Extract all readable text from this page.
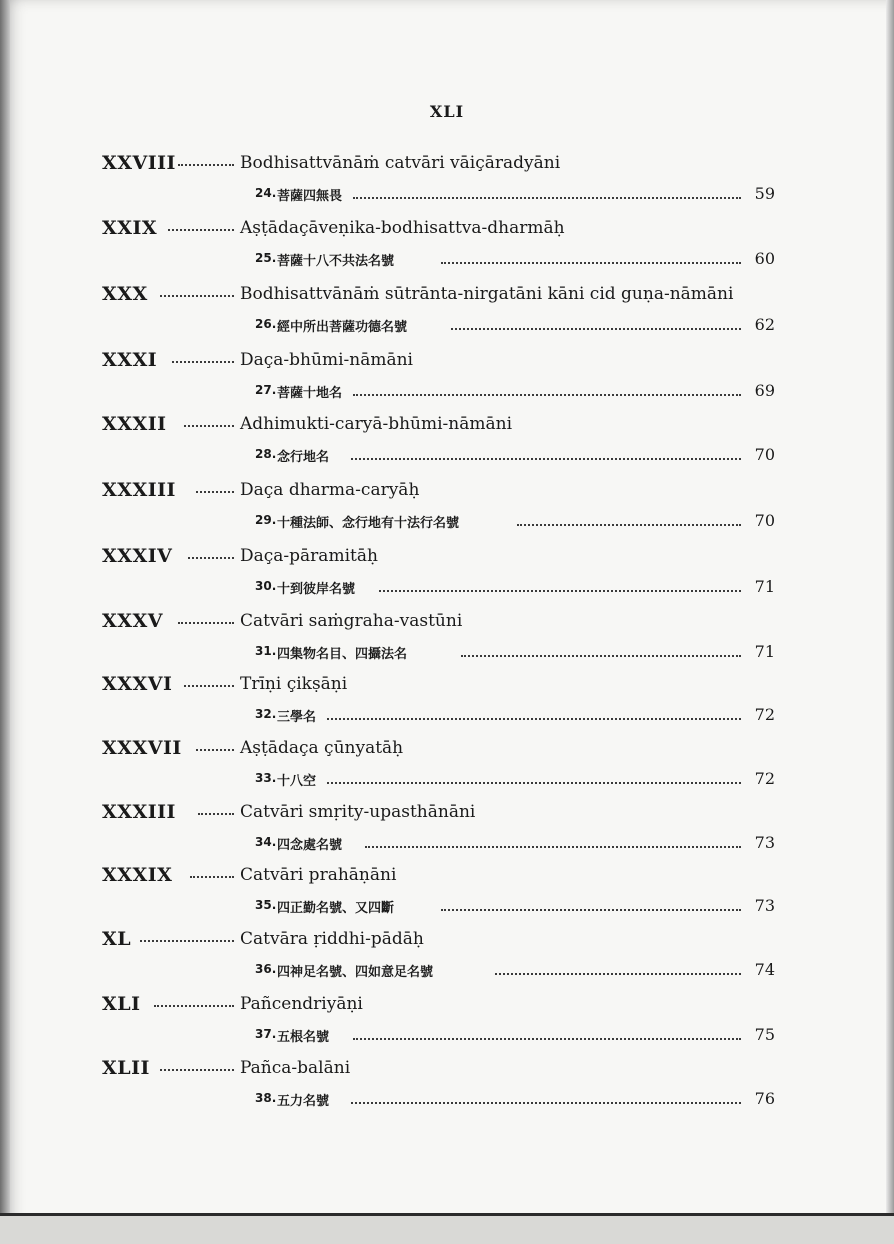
XLI
XXVIII	Bodhisattvānāṁ catvāri vāiçāradyāni
24. 菩薩四無畏	59
XXIX	Aṣṭādaçāveṇika-bodhisattva-dharmāḥ
25. 菩薩十八不共法名號	60
XXX	Bodhisattvānāṁ sūtrānta-nirgatāni kāni cid guṇa-nāmāni
26. 經中所出菩薩功德名號	62
XXXI	Daça-bhūmi-nāmāni
27. 菩薩十地名	69
XXXII	Adhimukti-caryā-bhūmi-nāmāni
28. 念行地名	70
XXXIII	Daça dharma-caryāḥ
29. 十種法師、念行地有十法行名號	70
XXXIV	Daça-pāramitāḥ
30. 十到彼岸名號	71
XXXV	Catvāri saṁgraha-vastūni
31. 四集物名目、四攝法名	71
XXXVI	Trīṇi çikṣāṇi
32. 三學名	72
XXXVII	Aṣṭādaça çūnyatāḥ
33. 十八空	72
XXXIII	Catvāri smṛity-upasthānāni
34. 四念處名號	73
XXXIX	Catvāri prahāṇāni
35. 四正勤名號、又四斷	73
XL	Catvāra ṛiddhi-pādāḥ
36. 四神足名號、四如意足名號	74
XLI	Pañcendriyāṇi
37. 五根名號	75
XLII	Pañca-balāni
38. 五力名號	76
